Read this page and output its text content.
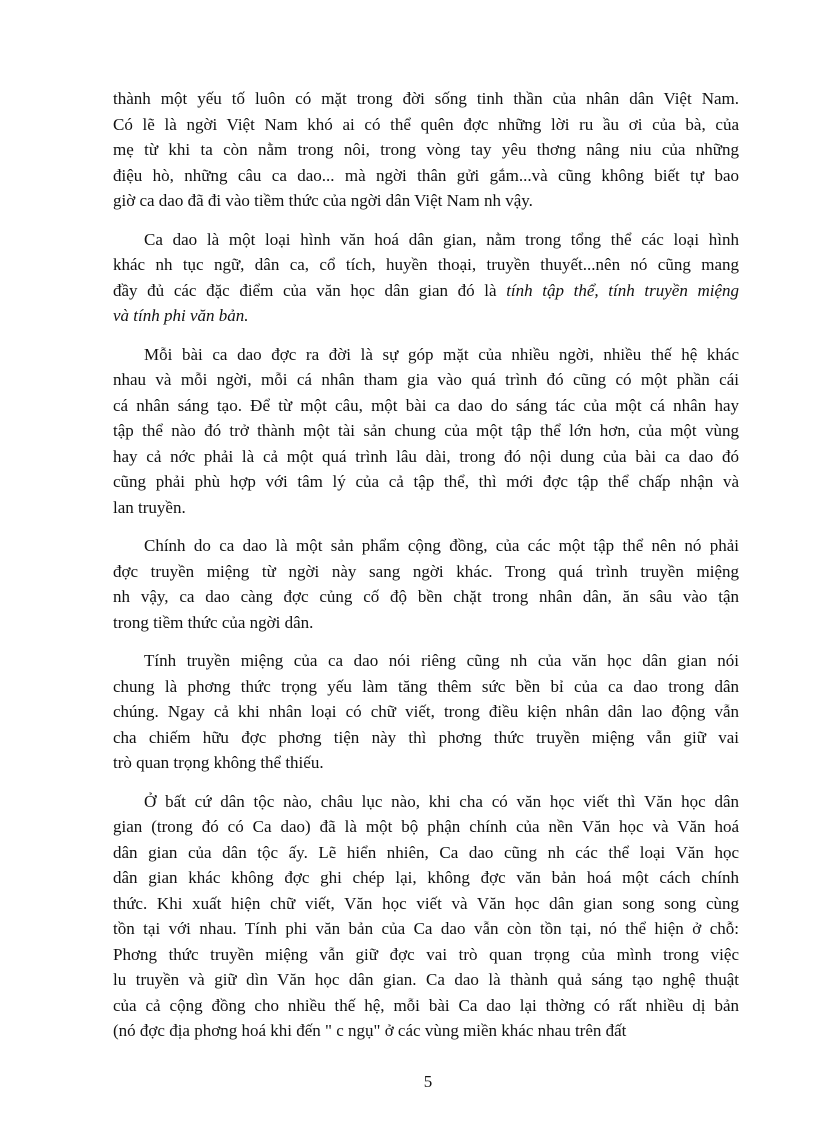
thành một yếu tố luôn có mặt trong đời sống tinh thần của nhân dân Việt Nam.
Có lẽ là ngời Việt Nam khó ai có thể quên đợc những lời ru ầu ơi của bà, của
mẹ từ khi ta còn nằm trong nôi, trong vòng tay yêu thơng nâng niu của những
điệu hò, những câu ca dao... mà ngời thân gửi gắm...và cũng không biết tự bao
giờ ca dao đã đi vào tiềm thức của ngời dân Việt Nam nh vậy.

Ca dao là một loại hình văn hoá dân gian, nằm trong tổng thể các loại hình
khác nh tục ngữ, dân ca, cổ tích, huyền thoại, truyền thuyết...nên nó cũng mang
đầy đủ các đặc điểm của văn học dân gian đó là tính tập thể, tính truyền miệng
và tính phi văn bản.

Mỗi bài ca dao đợc ra đời là sự góp mặt của nhiều ngời, nhiều thế hệ khác
nhau và mỗi ngời, mỗi cá nhân tham gia vào quá trình đó cũng có một phần cái
cá nhân sáng tạo. Để từ một câu, một bài ca dao do sáng tác của một cá nhân hay
tập thể nào đó trở thành một tài sản chung của một tập thể lớn hơn, của một vùng
hay cả nớc phải là cả một quá trình lâu dài, trong đó nội dung của bài ca dao đó
cũng phải phù hợp với tâm lý của cả tập thể, thì mới đợc tập thể chấp nhận và
lan truyền.

Chính do ca dao là một sản phẩm cộng đồng, của các một tập thể nên nó phải
đợc truyền miệng từ ngời này sang ngời khác. Trong quá trình truyền miệng
nh vậy, ca dao càng đợc củng cố độ bền chặt trong nhân dân, ăn sâu vào tận
trong tiềm thức của ngời dân.

Tính truyền miệng của ca dao nói riêng cũng nh của văn học dân gian nói
chung là phơng thức trọng yếu làm tăng thêm sức bền bỉ của ca dao trong dân
chúng. Ngay cả khi nhân loại có chữ viết, trong điều kiện nhân dân lao động vẫn
cha chiếm hữu đợc phơng tiện này thì phơng thức truyền miệng vẫn giữ vai
trò quan trọng không thể thiếu.

Ở bất cứ dân tộc nào, châu lục nào, khi cha có văn học viết thì Văn học dân
gian (trong đó có Ca dao) đã là một bộ phận chính của nền Văn học và Văn hoá
dân gian của dân tộc ấy. Lẽ hiển nhiên, Ca dao cũng nh các thể loại Văn học
dân gian khác không đợc ghi chép lại, không đợc văn bản hoá một cách chính
thức. Khi xuất hiện chữ viết, Văn học viết và Văn học dân gian song song cùng
tồn tại với nhau. Tính phi văn bản của Ca dao vẫn còn tồn tại, nó thể hiện ở chỗ:
Phơng thức truyền miệng vẫn giữ đợc vai trò quan trọng của mình trong việc
lu truyền và giữ dìn Văn học dân gian. Ca dao là thành quả sáng tạo nghệ thuật
của cả cộng đồng cho nhiều thế hệ, mỗi bài Ca dao lại thờng có rất nhiều dị bản
(nó đợc địa phơng hoá khi đến " c ngụ" ở các vùng miền khác nhau trên đất

5
